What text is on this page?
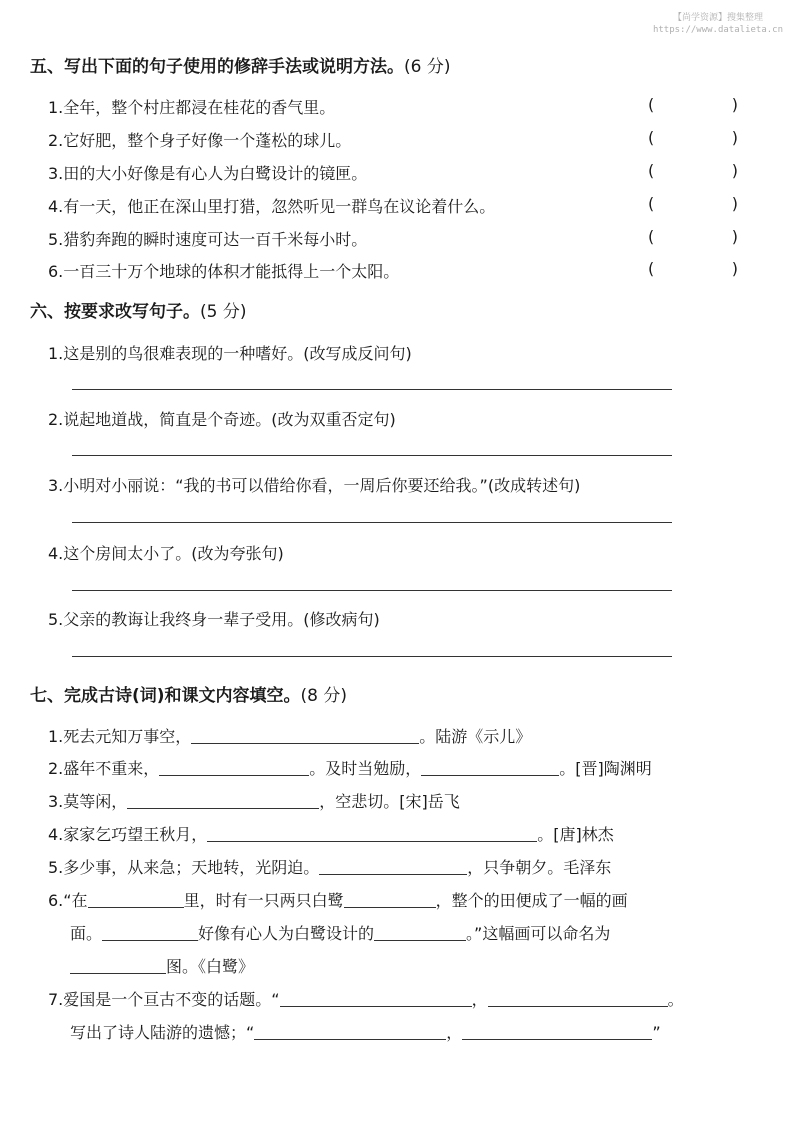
【尚学资源】搜集整理
https://www.datalieta.cn
五、写出下面的句子使用的修辞手法或说明方法。(6 分)
1.全年，整个村庄都浸在桂花的香气里。
2.它好肥，整个身子好像一个蓬松的球儿。
3.田的大小好像是有心人为白鹭设计的镜匣。
4.有一天，他正在深山里打猎，忽然听见一群鸟在议论着什么。
5.猎豹奔跑的瞬时速度可达一百千米每小时。
6.一百三十万个地球的体积才能抵得上一个太阳。
(	)
(	)
(	)
(	)
(	)
(	)
六、按要求改写句子。(5 分)
1.这是别的鸟很难表现的一种嗜好。(改写成反问句)
2.说起地道战，简直是个奇迹。(改为双重否定句)
3.小明对小丽说：“我的书可以借给你看，一周后你要还给我。”(改成转述句)
4.这个房间太小了。(改为夸张句)
5.父亲的教诲让我终身一辈子受用。(修改病句)
七、完成古诗(词)和课文内容填空。(8 分)
1.死去元知万事空，	。陆游《示儿》
2.盛年不重来，	。及时当勉励，	。[晋]陶渊明
3.莫等闲，	，空悲切。[宋]岳飞
4.家家乞巧望王秋月，	。[唐]林杰
5.多少事，从来急；天地转，光阴迫。	，只争朝夕。毛泽东
6.“在	里，时有一只两只白鹭	，整个的田便成了一幅的画
面。	好像有心人为白鹭设计的	。”这幅画可以命名为
图。《白鹭》
7.爱国是一个亘古不变的话题。“	，	。
写出了诗人陆游的遗憾；“	，	”
